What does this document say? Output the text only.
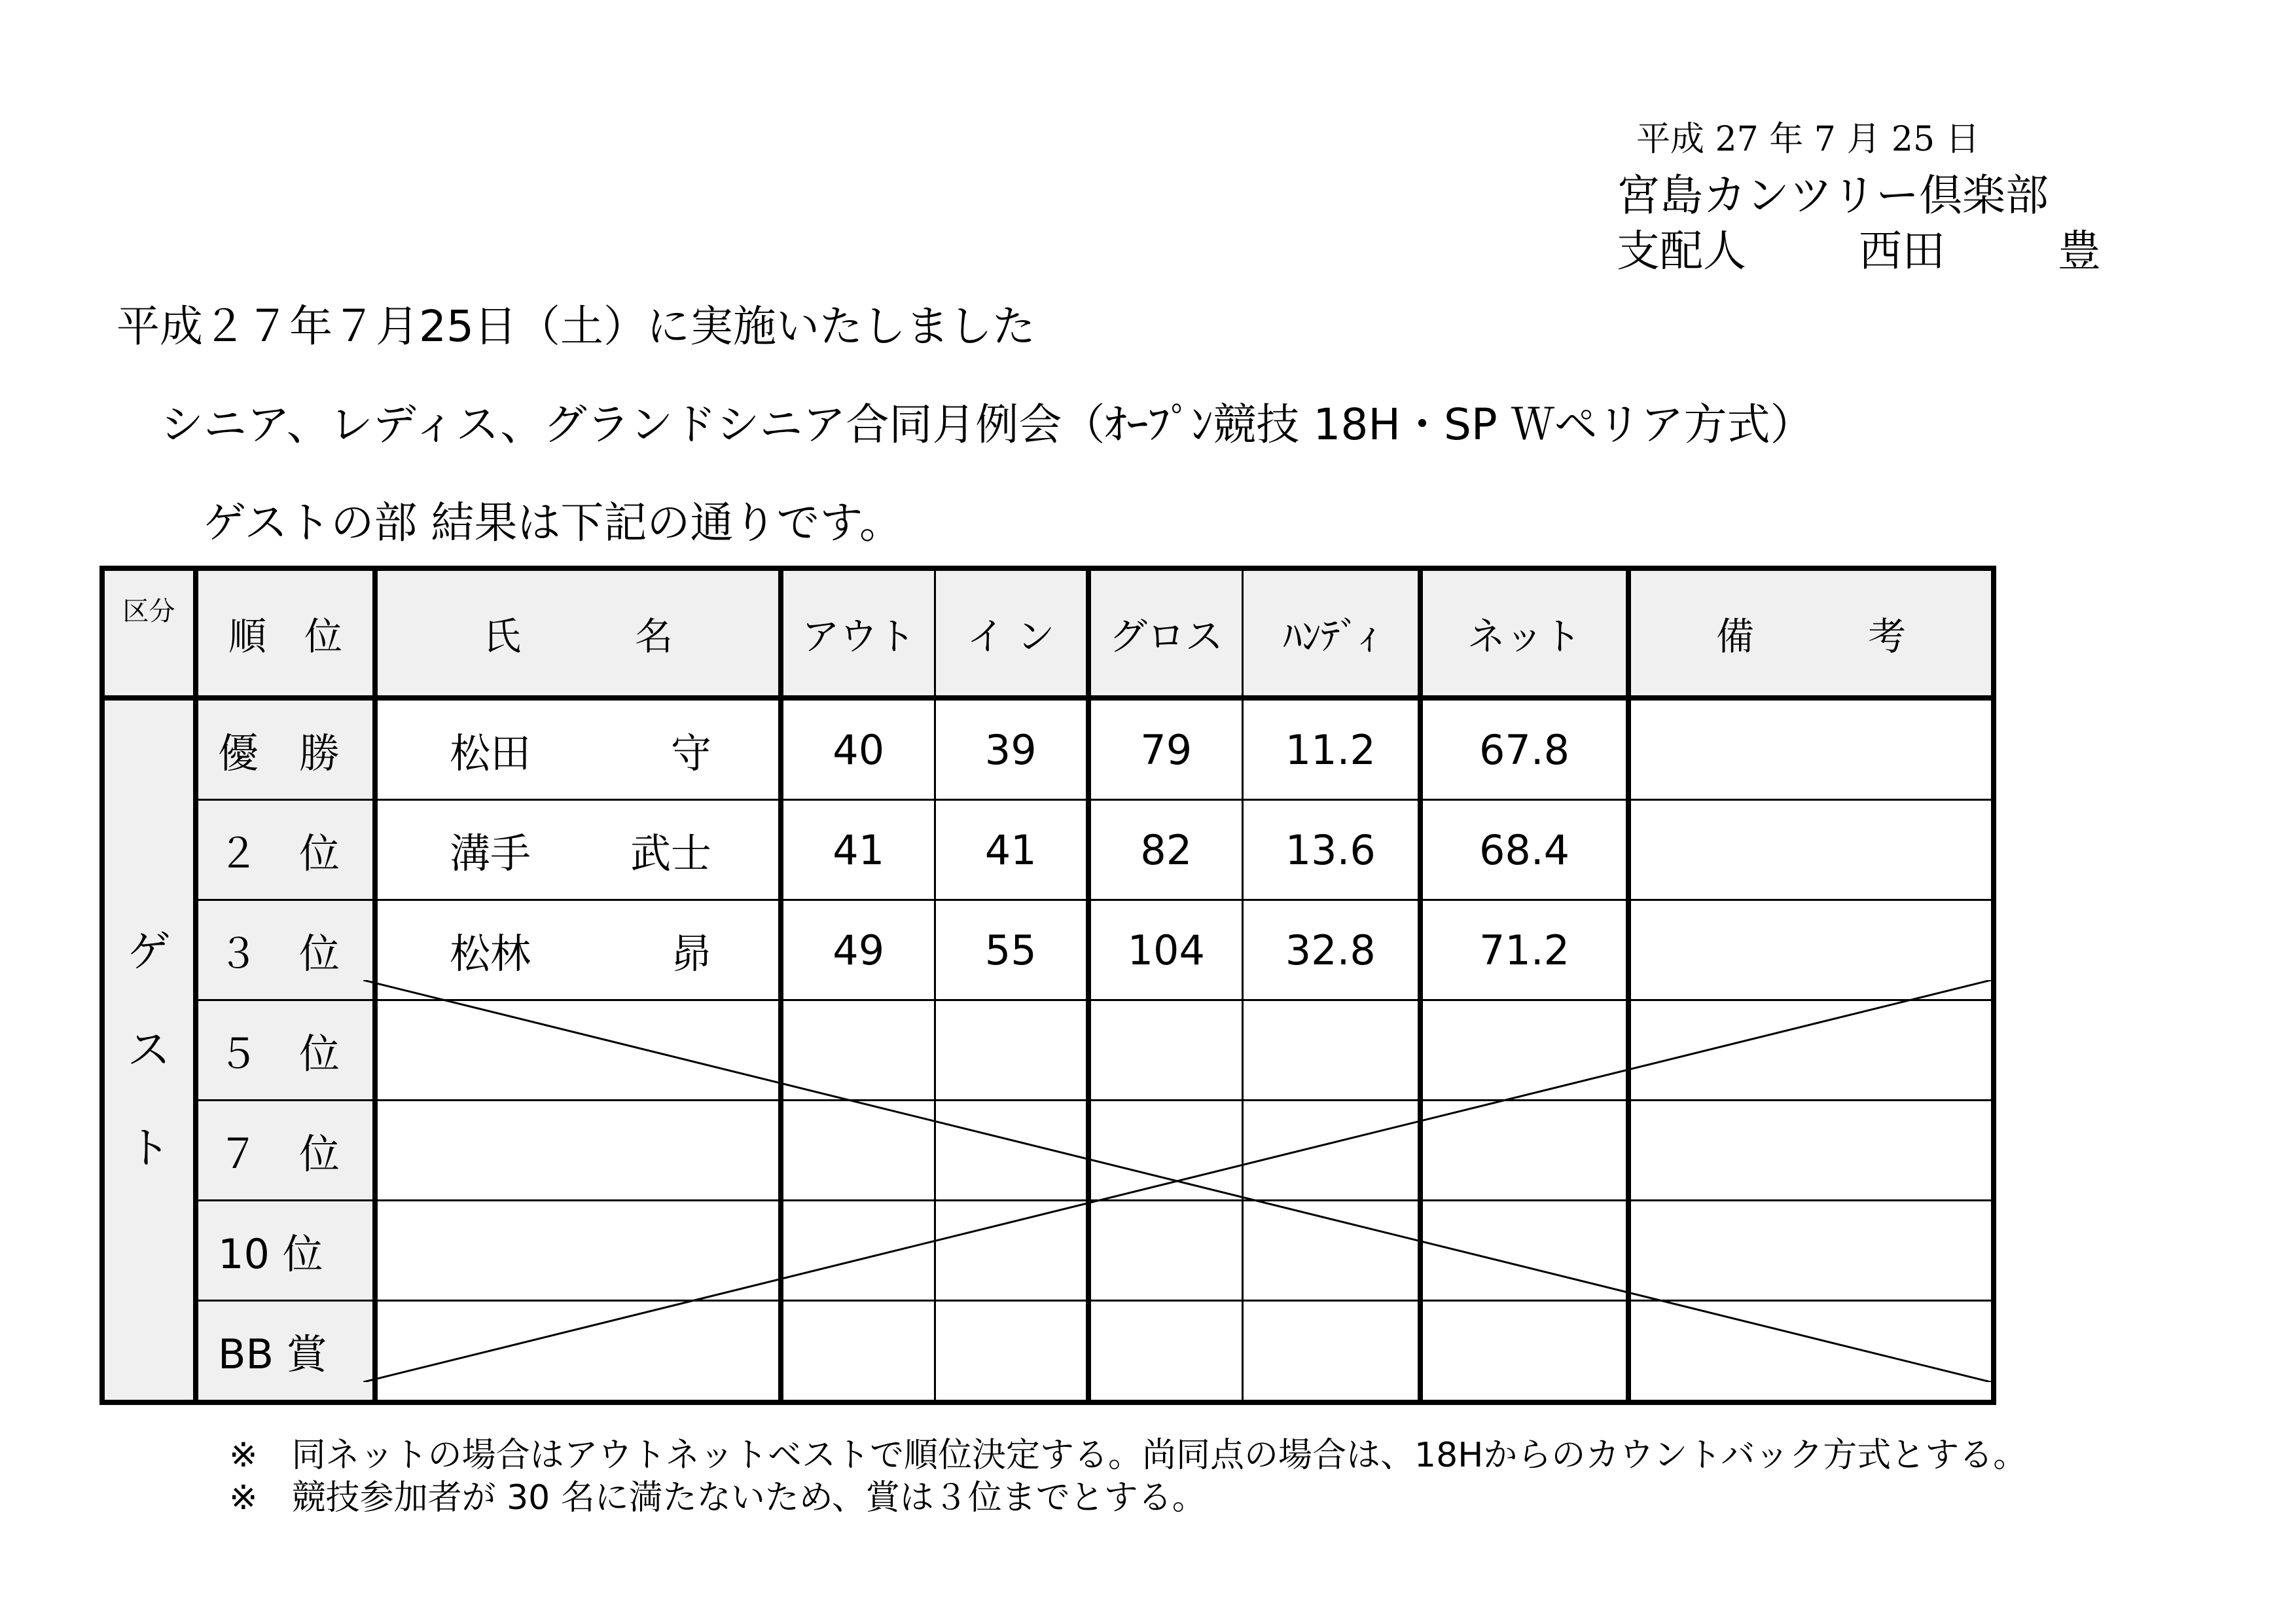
平成 27 年 7 月 25 日
宮島カンツリー倶楽部
支配人	西田	豊
平成２７年７月25日（土）に実施いたしました
シニア、レディス、グランドシニア合同月例会（ｵｰﾌﾟﾝ競技 18H・SP Ｗペリア方式）
ゲストの部 結果は下記の通りです。
区分	順　位	氏　　　名	アウト	イ ン	グロス	ﾊﾝﾃﾞｨ	ネット	備　　　考

ゲ
ス
ト	優　勝	松田 守	40	39	79	11.2	67.8	
	２　位	溝手 武士	41	41	82	13.6	68.4	
	３　位	松林 昴	49	55	104	32.8	71.2	
	５　位							
	７　位							
	10 位							
	BB 賞							
※　同ネットの場合はアウトネットベストで順位決定する。尚同点の場合は、18Hからのカウントバック方式とする。
※　競技参加者が 30 名に満たないため、賞は３位までとする。
